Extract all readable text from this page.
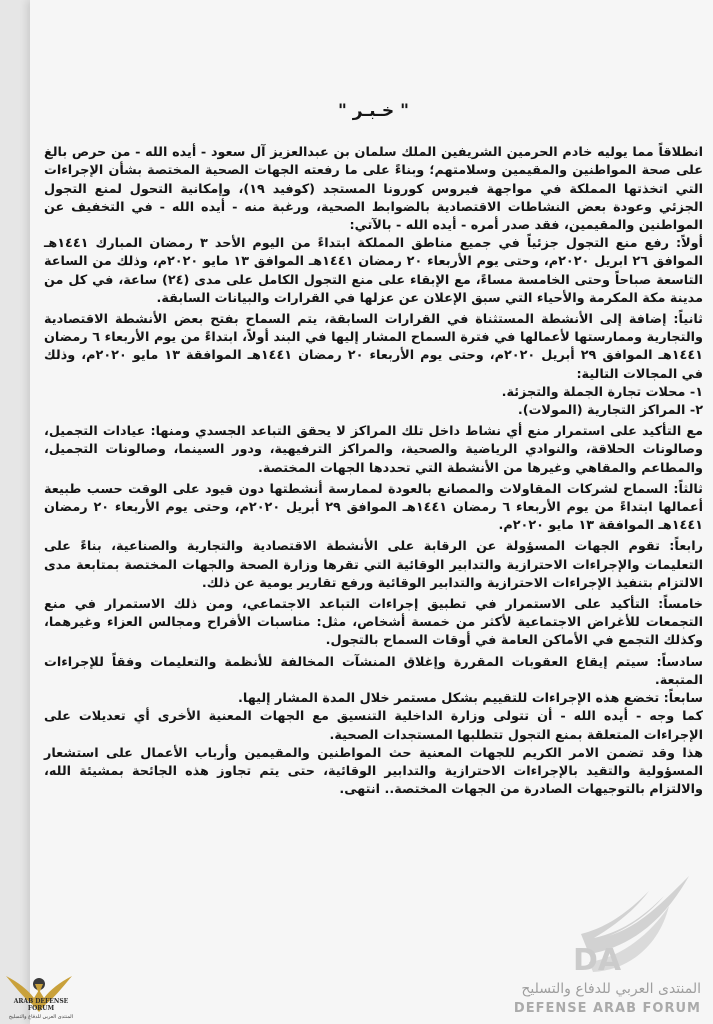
" خـبـر "

انطلاقاً مما يوليه خادم الحرمين الشريفين الملك سلمان بن عبدالعزيز آل سعود - أيده الله - من حرص بالغ على صحة المواطنين والمقيمين وسلامتهم؛ وبناءً على ما رفعته الجهات الصحية المختصة بشأن الإجراءات التي اتخذتها المملكة في مواجهة فيروس كورونا المستجد (كوفيد ١٩)، وإمكانية التحول لمنع التجول الجزئي وعودة بعض النشاطات الاقتصادية بالضوابط الصحية، ورغبة منه - أيده الله - في التخفيف عن المواطنين والمقيمين، فقد صدر أمره - أيده الله - بالآتي:

أولاً: رفع منع التجول جزئياً في جميع مناطق المملكة ابتداءً من اليوم الأحد ٣ رمضان المبارك ١٤٤١هـ الموافق ٢٦ ابريل ٢٠٢٠م، وحتى يوم الأربعاء ٢٠ رمضان ١٤٤١هـ الموافق ١٣ مايو ٢٠٢٠م، وذلك من الساعة التاسعة صباحاً وحتى الخامسة مساءً، مع الإبقاء على منع التجول الكامل على مدى (٢٤) ساعة، في كل من مدينة مكة المكرمة والأحياء التي سبق الإعلان عن عزلها في القرارات والبيانات السابقة.

ثانياً: إضافة إلى الأنشطة المستثناة في القرارات السابقة، يتم السماح بفتح بعض الأنشطة الاقتصادية والتجارية وممارستها لأعمالها في فترة السماح المشار إليها في البند أولاً، ابتداءً من يوم الأربعاء ٦ رمضان ١٤٤١هـ الموافق ٢٩ أبريل ٢٠٢٠م، وحتى يوم الأربعاء ٢٠ رمضان ١٤٤١هـ الموافقة ١٣ مايو ٢٠٢٠م، وذلك في المجالات التالية:

١- محلات تجارة الجملة والتجزئة.

٢- المراكز التجارية (المولات).

مع التأكيد على استمرار منع أي نشاط داخل تلك المراكز لا يحقق التباعد الجسدي ومنها: عيادات التجميل، وصالونات الحلاقة، والنوادي الرياضية والصحية، والمراكز الترفيهية، ودور السينما، وصالونات التجميل، والمطاعم والمقاهي وغيرها من الأنشطة التي تحددها الجهات المختصة.

ثالثاً: السماح لشركات المقاولات والمصانع بالعودة لممارسة أنشطتها دون قيود على الوقت حسب طبيعة أعمالها ابتداءً من يوم الأربعاء ٦ رمضان ١٤٤١هـ الموافق ٢٩ أبريل ٢٠٢٠م، وحتى يوم الأربعاء ٢٠ رمضان ١٤٤١هـ الموافقة ١٣ مايو ٢٠٢٠م.

رابعاً: تقوم الجهات المسؤولة عن الرقابة على الأنشطة الاقتصادية والتجارية والصناعية، بناءً على التعليمات والإجراءات الاحترازية والتدابير الوقائية التي تقرها وزارة الصحة والجهات المختصة بمتابعة مدى الالتزام بتنفيذ الإجراءات الاحترازية والتدابير الوقائية ورفع تقارير يومية عن ذلك.

خامساً: التأكيد على الاستمرار في تطبيق إجراءات التباعد الاجتماعي، ومن ذلك الاستمرار في منع التجمعات للأغراض الاجتماعية لأكثر من خمسة أشخاص، مثل: مناسبات الأفراح ومجالس العزاء وغيرهما، وكذلك التجمع في الأماكن العامة في أوقات السماح بالتجول.

سادساً: سيتم إيقاع العقوبات المقررة وإغلاق المنشآت المخالفة للأنظمة والتعليمات وفقاً للإجراءات المتبعة.

سابعاً: تخضع هذه الإجراءات للتقييم بشكل مستمر خلال المدة المشار إليها.

كما وجه - أيده الله - أن تتولى وزارة الداخلية التنسيق مع الجهات المعنية الأخرى أي تعديلات على الإجراءات المتعلقة بمنع التجول تتطلبها المستجدات الصحية.

هذا وقد تضمن الامر الكريم للجهات المعنية حث المواطنين والمقيمين وأرباب الأعمال على استشعار المسؤولية والتقيد بالإجراءات الاحترازية والتدابير الوقائية، حتى يتم تجاوز هذه الجائحة بمشيئة الله، والالتزام بالتوجيهات الصادرة من الجهات المختصة.. انتهى.

DA
المنتدى العربي للدفاع والتسليح
DEFENSE ARAB FORUM
ARAB DEFENSE FORUM
المنتدى العربي للدفاع والتسليح
